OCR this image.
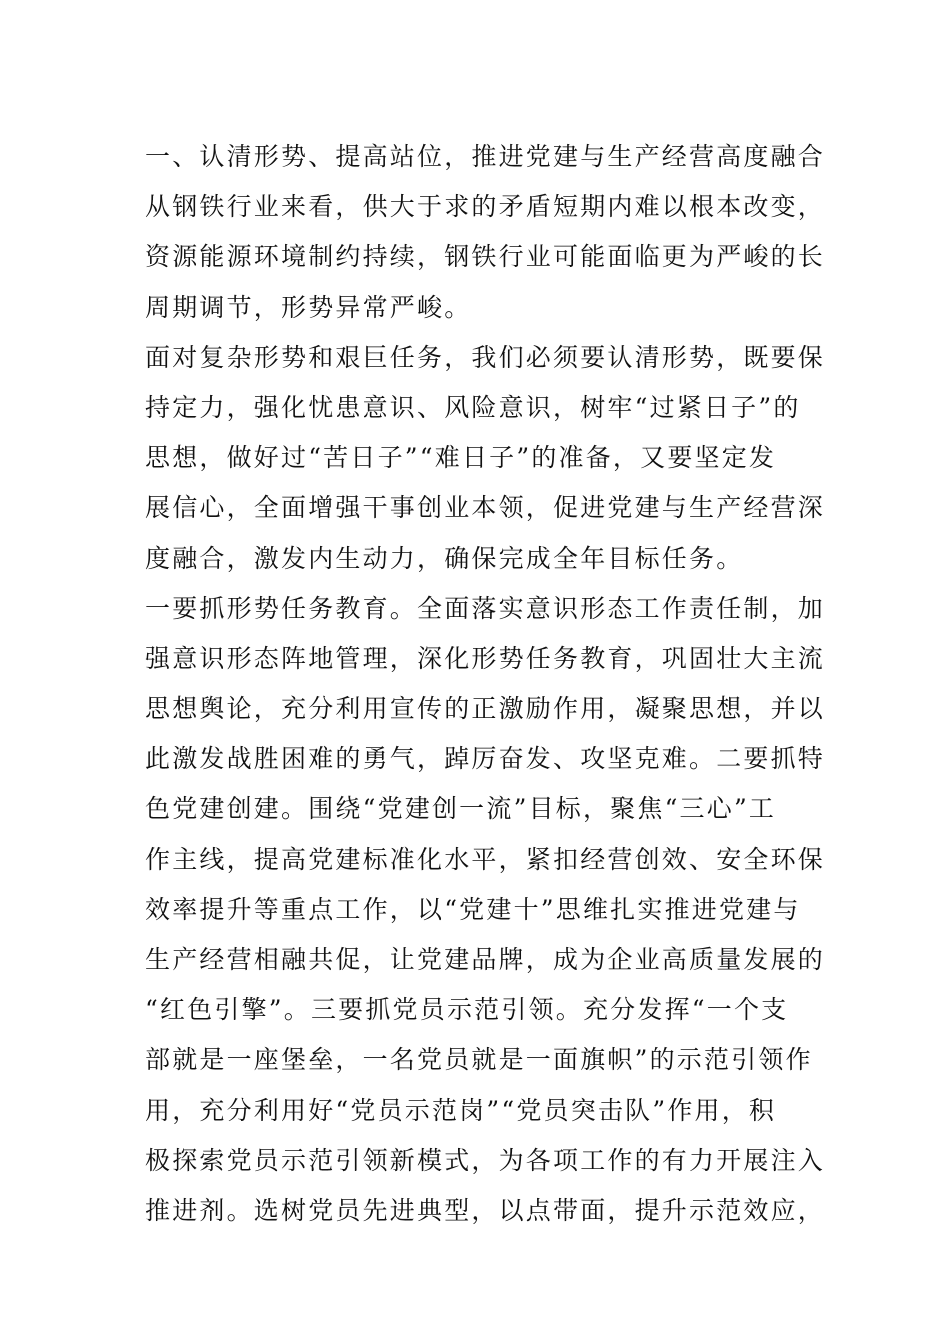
一、认清形势、提高站位，推进党建与生产经营高度融合
从钢铁行业来看，供大于求的矛盾短期内难以根本改变，
资源能源环境制约持续，钢铁行业可能面临更为严峻的长
周期调节，形势异常严峻。
面对复杂形势和艰巨任务，我们必须要认清形势，既要保
持定力，强化忧患意识、风险意识，树牢“过紧日子”的
思想，做好过“苦日子”“难日子”的准备，又要坚定发
展信心，全面增强干事创业本领，促进党建与生产经营深
度融合，激发内生动力，确保完成全年目标任务。
一要抓形势任务教育。全面落实意识形态工作责任制，加
强意识形态阵地管理，深化形势任务教育，巩固壮大主流
思想舆论，充分利用宣传的正激励作用，凝聚思想，并以
此激发战胜困难的勇气，踔厉奋发、攻坚克难。二要抓特
色党建创建。围绕“党建创一流”目标，聚焦“三心”工
作主线，提高党建标准化水平，紧扣经营创效、安全环保
效率提升等重点工作，以“党建十”思维扎实推进党建与
生产经营相融共促，让党建品牌，成为企业高质量发展的
“红色引擎”。三要抓党员示范引领。充分发挥“一个支
部就是一座堡垒，一名党员就是一面旗帜”的示范引领作
用，充分利用好“党员示范岗”“党员突击队”作用，积
极探索党员示范引领新模式，为各项工作的有力开展注入
推进剂。选树党员先进典型，以点带面，提升示范效应，
